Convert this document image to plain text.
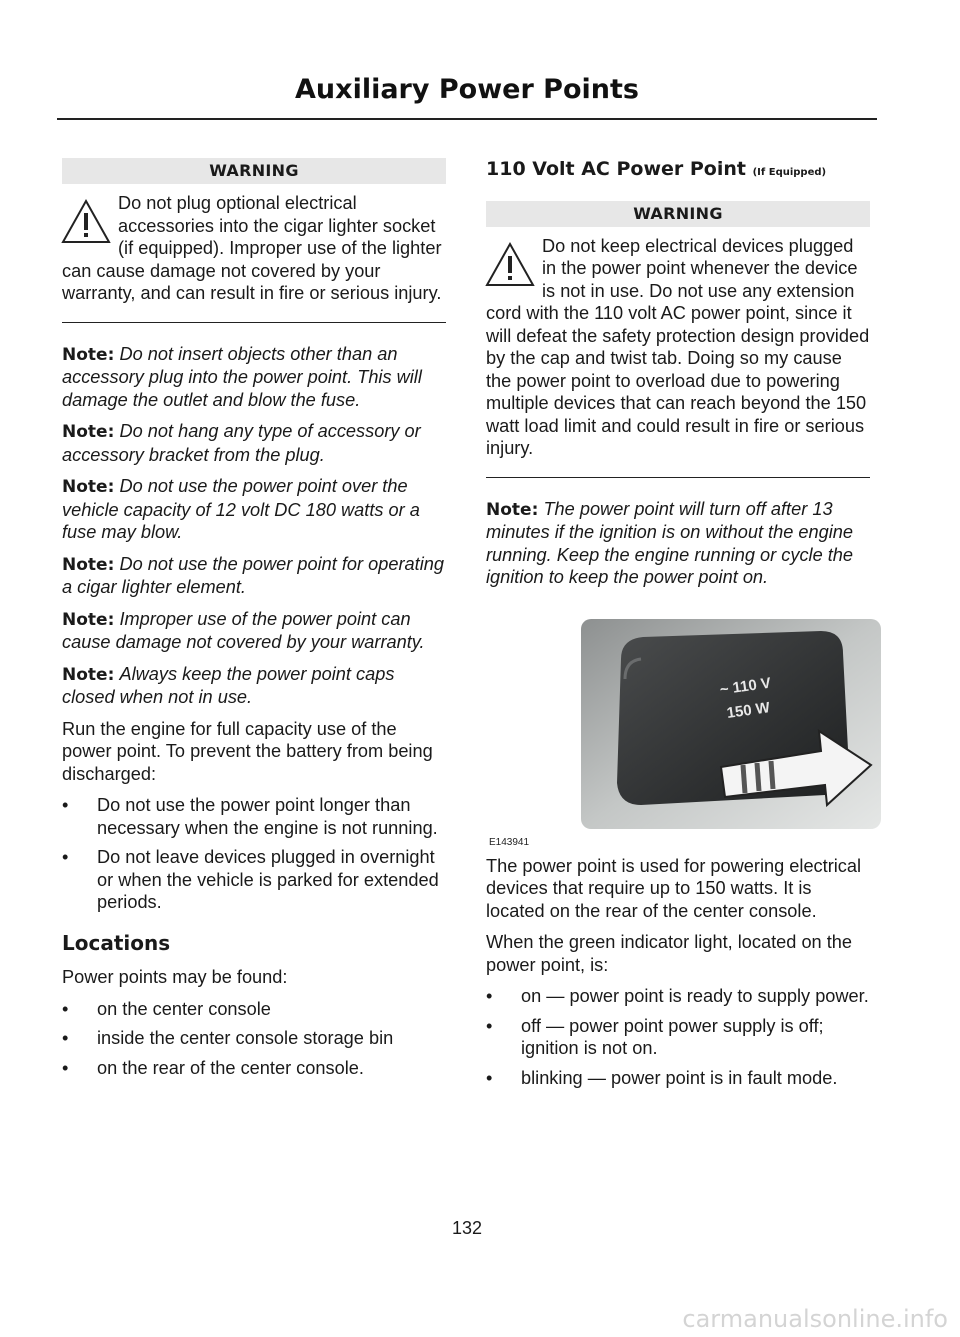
Auxiliary Power Points
WARNING

Do not plug optional electrical accessories into the cigar lighter socket (if equipped). Improper use of the lighter can cause damage not covered by your warranty, and can result in fire or serious injury.

Note: Do not insert objects other than an accessory plug into the power point. This will damage the outlet and blow the fuse.

Note: Do not hang any type of accessory or accessory bracket from the plug.

Note: Do not use the power point over the vehicle capacity of 12 volt DC 180 watts or a fuse may blow.

Note: Do not use the power point for operating a cigar lighter element.

Note: Improper use of the power point can cause damage not covered by your warranty.

Note: Always keep the power point caps closed when not in use.

Run the engine for full capacity use of the power point. To prevent the battery from being discharged:

•	Do not use the power point longer than necessary when the engine is not running.
•	Do not leave devices plugged in overnight or when the vehicle is parked for extended periods.
Locations

Power points may be found:

•	on the center console
•	inside the center console storage bin
•	on the rear of the center console.
110 Volt AC Power Point (If Equipped)
WARNING

Do not keep electrical devices plugged in the power point whenever the device is not in use. Do not use any extension cord with the 110 volt AC power point, since it will defeat the safety protection design provided by the cap and twist tab. Doing so my cause the power point to overload due to powering multiple devices that can reach beyond the 150 watt load limit and could result in fire or serious injury.

Note: The power point will turn off after 13 minutes if the ignition is on without the engine running. Keep the engine running or cycle the ignition to keep the power point on.

~ 110 V
150 W
E143941

The power point is used for powering electrical devices that require up to 150 watts. It is located on the rear of the center console.

When the green indicator light, located on the power point, is:

•	on — power point is ready to supply power.
•	off — power point power supply is off; ignition is not on.
•	blinking — power point is in fault mode.
132
carmanualsonline.info
